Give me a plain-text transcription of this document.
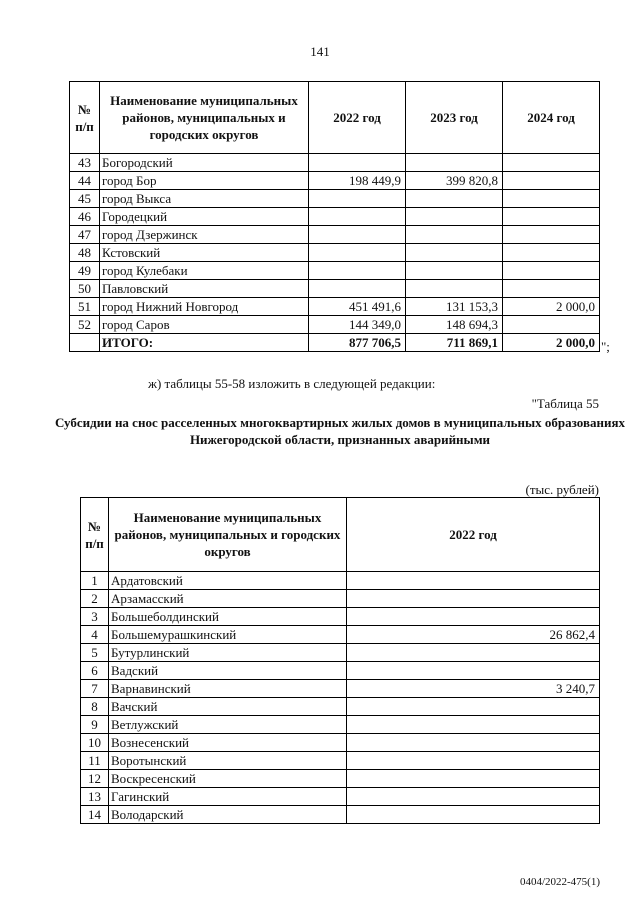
141
№ п/п	Наименование муниципальных районов, муниципальных и городских округов	2022 год	2023 год	2024 год
43	Богородский			
44	город Бор	198 449,9	399 820,8	
45	город Выкса			
46	Городецкий			
47	город Дзержинск			
48	Кстовский			
49	город Кулебаки			
50	Павловский			
51	город Нижний Новгород	451 491,6	131 153,3	2 000,0
52	город Саров	144 349,0	148 694,3	
	ИТОГО:	877 706,5	711 869,1	2 000,0 ";
ж) таблицы 55-58 изложить в следующей редакции:
"Таблица 55
Субсидии на снос расселенных многоквартирных жилых домов в муниципальных образованиях Нижегородской области, признанных аварийными
(тыс. рублей)
№ п/п	Наименование муниципальных районов, муниципальных и городских округов	2022 год
1	Ардатовский	
2	Арзамасский	
3	Большеболдинский	
4	Большемурашкинский	26 862,4
5	Бутурлинский	
6	Вадский	
7	Варнавинский	3 240,7
8	Вачский	
9	Ветлужский	
10	Вознесенский	
11	Воротынский	
12	Воскресенский	
13	Гагинский	
14	Володарский	
0404/2022-475(1)
